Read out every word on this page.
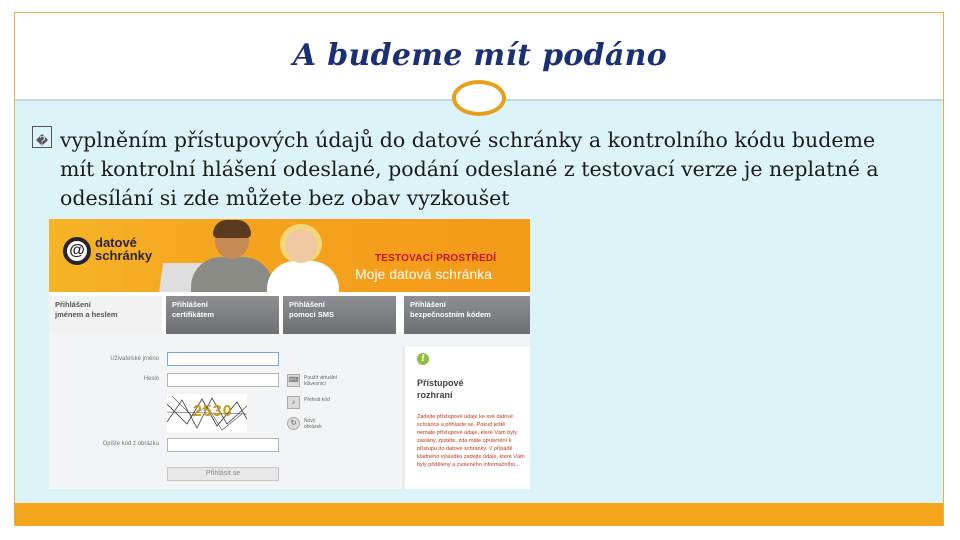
A budeme mít podáno
� vyplněním přístupových údajů do datové schránky a kontrolního kódu budeme
mít kontrolní hlášení odeslané, podání odeslané z testovací verze je neplatné a
odesílání si zde můžete bez obav vyzkoušet
@ datové
schránky	TESTOVACÍ PROSTŘEDÍ
Moje datová schránka
Přihlášení
jménem a heslem
Přihlášení
certifikátem
Přihlášení
pomocí SMS
Přihlášení
bezpečnostním kódem
Uživatelské jméno
Heslo
2530
Opište kód z obrázku
⌨ Použít virtuální klávesnici
♪	Přehrát kód
↻	Nový obrázek
Přihlásit se
i
Přístupové
rozhraní
Zadejte přístupové údaje ke své datové schránce a přihlaste se. Pokud ještě nemáte přístupové údaje, které Vám byly zaslány, zjistěte, zda máte oprávnění k přístupu do datové schránky. V případě kladného výsledku zadejte údaje, které Vám byly přiděleny a zvoleného informačního...
